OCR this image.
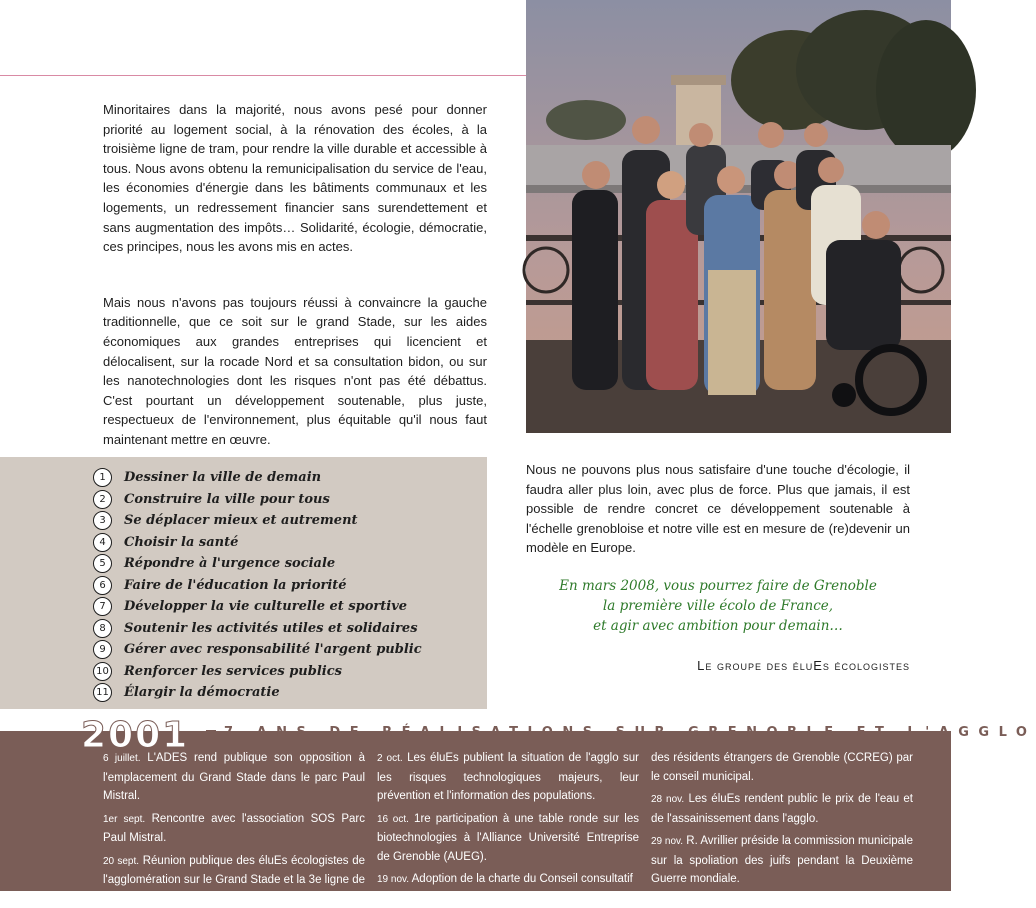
Minoritaires dans la majorité, nous avons pesé pour donner priorité au logement social, à la rénovation des écoles, à la troisième ligne de tram, pour rendre la ville durable et accessible à tous. Nous avons obtenu la remunicipalisation du service de l'eau, les économies d'énergie dans les bâtiments communaux et les logements, un redressement financier sans surendettement et sans augmentation des impôts… Solidarité, écologie, démocratie, ces principes, nous les avons mis en actes.

Mais nous n'avons pas toujours réussi à convaincre la gauche traditionnelle, que ce soit sur le grand Stade, sur les aides économiques aux grandes entreprises qui licencient et délocalisent, sur la rocade Nord et sa consultation bidon, ou sur les nanotechnologies dont les risques n'ont pas été débattus. C'est pourtant un développement soutenable, plus juste, respectueux de l'environnement, plus équitable qu'il nous faut maintenant mettre en œuvre.

1	Dessiner la ville de demain
2	Construire la ville pour tous
3	Se déplacer mieux et autrement
4	Choisir la santé
5	Répondre à l'urgence sociale
6	Faire de l'éducation la priorité
7	Développer la vie culturelle et sportive
8	Soutenir les activités utiles et solidaires
9	Gérer avec responsabilité l'argent public
10 Renforcer les services publics
11 Élargir la démocratie

Nous ne pouvons plus nous satisfaire d'une touche d'écologie, il faudra aller plus loin, avec plus de force. Plus que jamais, il est possible de rendre concret ce développement soutenable à l'échelle grenobloise et notre ville est en mesure de (re)devenir un modèle en Europe.

En mars 2008, vous pourrez faire de Grenoble
la première ville écolo de France,
et agir avec ambition pour demain…
Le groupe des éluEs écologistes
2001	7 ANS DE RÉALISATIONS SUR GRENOBLE ET L'AGGLO
6 juillet. L'ADES rend publique son opposition à l'emplacement du Grand Stade dans le parc Paul Mistral.
1er sept. Rencontre avec l'association SOS Parc Paul Mistral.
20 sept. Réunion publique des éluEs écologistes de l'agglomération sur le Grand Stade et la 3e ligne de tramway.
2 oct. Les éluEs publient la situation de l'agglo sur les risques technologiques majeurs, leur prévention et l'information des populations.
16 oct. 1re participation à une table ronde sur les biotechnologies à l'Alliance Université Entreprise de Grenoble (AUEG).
19 nov. Adoption de la charte du Conseil consultatif
des résidents étrangers de Grenoble (CCREG) par le conseil municipal.
28 nov. Les éluEs rendent public le prix de l'eau et de l'assainissement dans l'agglo.
29 nov. R. Avrillier préside la commission municipale sur la spoliation des juifs pendant la Deuxième Guerre mondiale.
